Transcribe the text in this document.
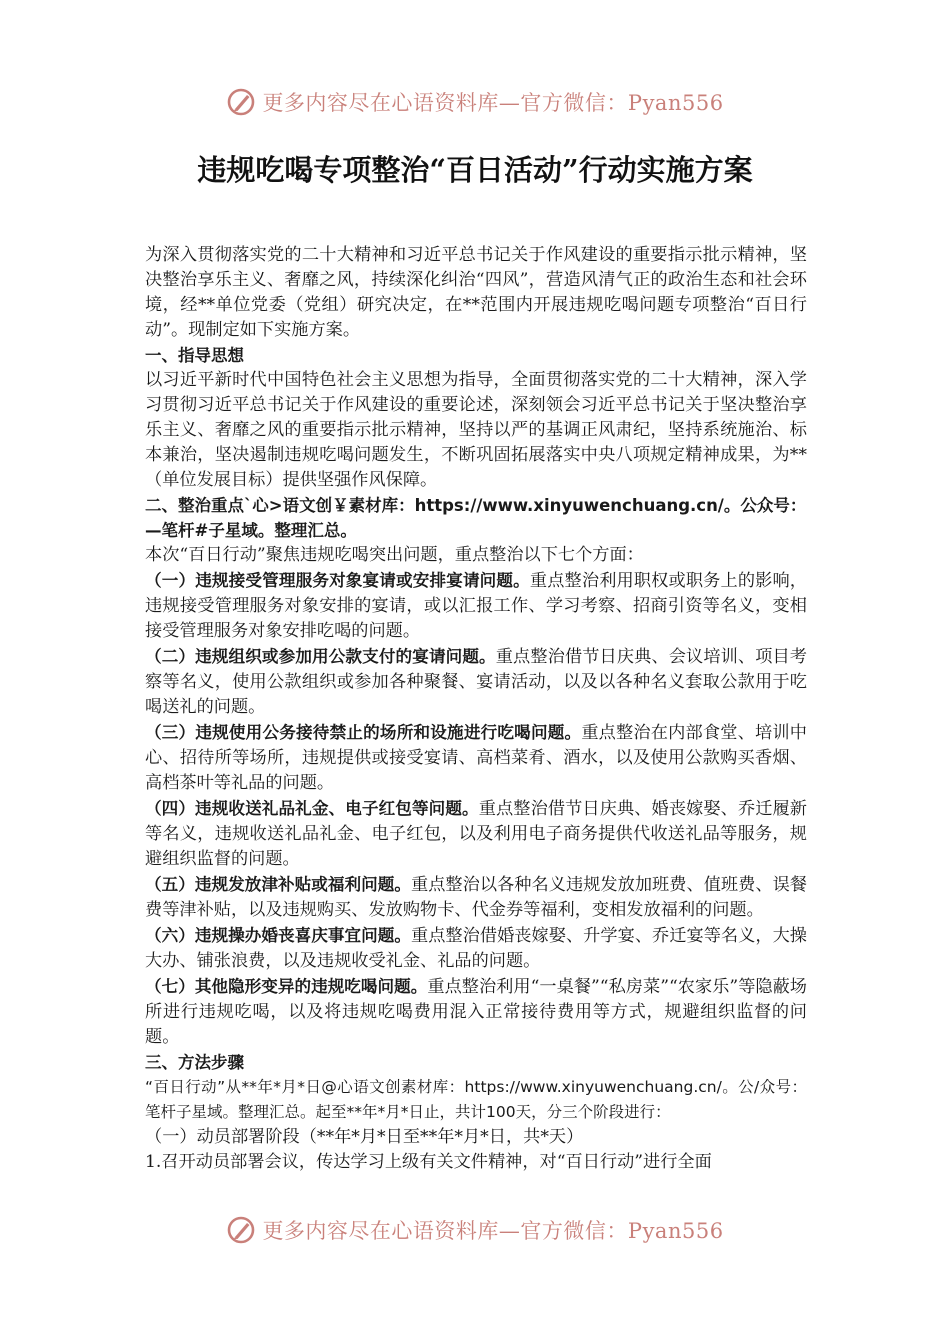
更多内容尽在心语资料库—官方微信：Pyan556
违规吃喝专项整治“百日活动”行动实施方案

为深入贯彻落实党的二十大精神和习近平总书记关于作风建设的重要指示批示精神，坚决整治享乐主义、奢靡之风，持续深化纠治“四风”，营造风清气正的政治生态和社会环境，经**单位党委（党组）研究决定，在**范围内开展违规吃喝问题专项整治“百日行动”。现制定如下实施方案。

一、指导思想

以习近平新时代中国特色社会主义思想为指导，全面贯彻落实党的二十大精神，深入学习贯彻习近平总书记关于作风建设的重要论述，深刻领会习近平总书记关于坚决整治享乐主义、奢靡之风的重要指示批示精神，坚持以严的基调正风肃纪，坚持系统施治、标本兼治，坚决遏制违规吃喝问题发生，不断巩固拓展落实中央八项规定精神成果，为**（单位发展目标）提供坚强作风保障。

二、整治重点`心>语文创￥素材库：https://www.xinyuwenchuang.cn/。公众号：—笔杆#子星域。整理汇总。

本次“百日行动”聚焦违规吃喝突出问题，重点整治以下七个方面：

（一）违规接受管理服务对象宴请或安排宴请问题。重点整治利用职权或职务上的影响，违规接受管理服务对象安排的宴请，或以汇报工作、学习考察、招商引资等名义，变相接受管理服务对象安排吃喝的问题。

（二）违规组织或参加用公款支付的宴请问题。重点整治借节日庆典、会议培训、项目考察等名义，使用公款组织或参加各种聚餐、宴请活动，以及以各种名义套取公款用于吃喝送礼的问题。

（三）违规使用公务接待禁止的场所和设施进行吃喝问题。重点整治在内部食堂、培训中心、招待所等场所，违规提供或接受宴请、高档菜肴、酒水，以及使用公款购买香烟、高档茶叶等礼品的问题。

（四）违规收送礼品礼金、电子红包等问题。重点整治借节日庆典、婚丧嫁娶、乔迁履新等名义，违规收送礼品礼金、电子红包，以及利用电子商务提供代收送礼品等服务，规避组织监督的问题。

（五）违规发放津补贴或福利问题。重点整治以各种名义违规发放加班费、值班费、误餐费等津补贴，以及违规购买、发放购物卡、代金券等福利，变相发放福利的问题。

（六）违规操办婚丧喜庆事宜问题。重点整治借婚丧嫁娶、升学宴、乔迁宴等名义，大操大办、铺张浪费，以及违规收受礼金、礼品的问题。

（七）其他隐形变异的违规吃喝问题。重点整治利用“一桌餐”“私房菜”“农家乐”等隐蔽场所进行违规吃喝，以及将违规吃喝费用混入正常接待费用等方式，规避组织监督的问题。

三、方法步骤

“百日行动”从**年*月*日@心语文创素材库：https://www.xinyuwenchuang.cn/。公/众号：笔杆子星域。整理汇总。起至**年*月*日止，共计100天，分三个阶段进行：

（一）动员部署阶段（**年*月*日至**年*月*日，共*天）

1.召开动员部署会议，传达学习上级有关文件精神，对“百日行动”进行全面

更多内容尽在心语资料库—官方微信：Pyan556
